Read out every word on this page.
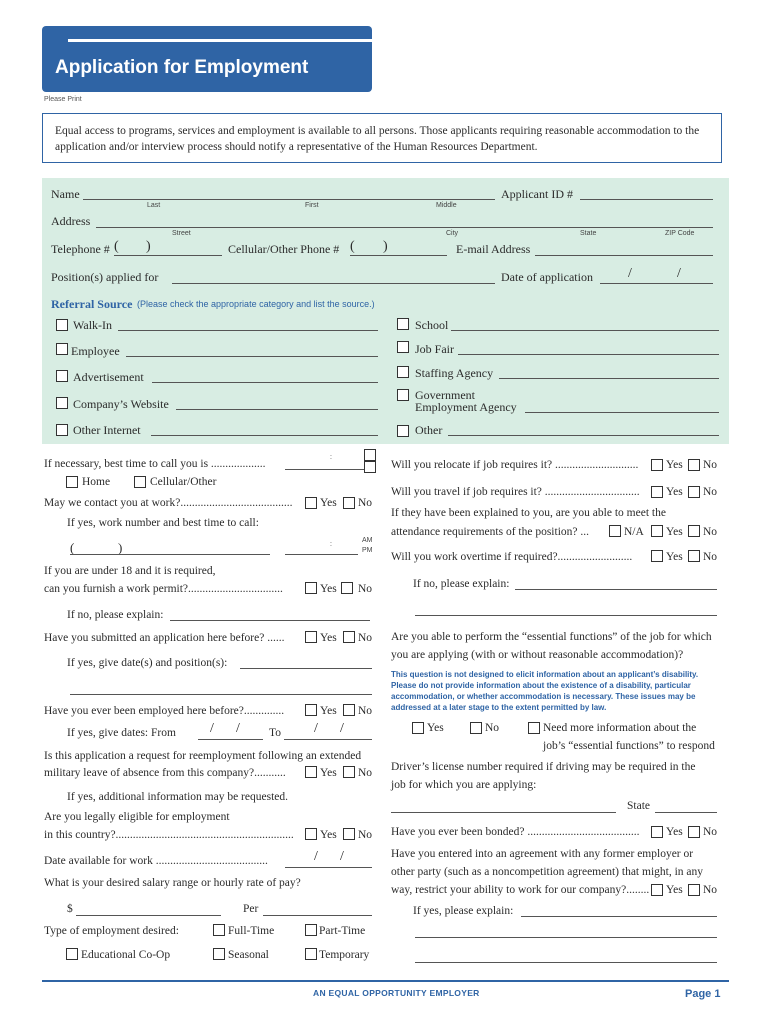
Application for Employment
Please Print
Equal access to programs, services and employment is available to all persons. Those applicants requiring reasonable accommodation to the application and/or interview process should notify a representative of the Human Resources Department.
Name
Last	First	Middle
Applicant ID #
Address
Street	City	State	ZIP Code
Telephone # ( )	Cellular/Other Phone # ( )	E-mail Address
Position(s) applied for	Date of application	/	/
Referral Source (Please check the appropriate category and list the source.)
Walk-In
Employee
Advertisement
Company’s Website
Other Internet
School
Job Fair
Staffing Agency
Government
Employment Agency
Other
If necessary, best time to call you is ...................
:
Home	Cellular/Other
May we contact you at work?....................................... Yes No
If yes, work number and best time to call:
(	)	:
AM
PM
If you are under 18 and it is required,
can you furnish a work permit?.................................	Yes No
If no, please explain:
Have you submitted an application here before? ......	Yes No
If yes, give date(s) and position(s):
Have you ever been employed here before?..............	Yes No
If yes, give dates: From / /	To / /
Is this application a request for reemployment following an extended
military leave of absence from this company?...........	Yes No
If yes, additional information may be requested.
Are you legally eligible for employment
in this country?.............................................................. Yes No
Date available for work .......................................	/ /
What is your desired salary range or hourly rate of pay?
$	Per
Type of employment desired:	Full-Time	Part-Time
Educational Co-Op	Seasonal	Temporary
Will you relocate if job requires it? ............................. Yes No
Will you travel if job requires it? ................................. Yes No
If they have been explained to you, are you able to meet the
attendance requirements of the position? ...	N/A Yes No
Will you work overtime if required?..........................	Yes No
If no, please explain:
Are you able to perform the “essential functions” of the job for which
you are applying (with or without reasonable accommodation)?
This question is not designed to elicit information about an applicant’s disability. Please do not provide information about the existence of a disability, particular accommodation, or whether accommodation is necessary. These issues may be addressed at a later stage to the extent permitted by law.
Yes	No	Need more information about the
job’s “essential functions” to respond
Driver’s license number required if driving may be required in the
job for which you are applying:
State
Have you ever been bonded? ....................................... Yes No
Have you entered into an agreement with any former employer or
other party (such as a noncompetition agreement) that might, in any
way, restrict your ability to work for our company?........ Yes No
If yes, please explain:
AN EQUAL OPPORTUNITY EMPLOYER	Page 1
